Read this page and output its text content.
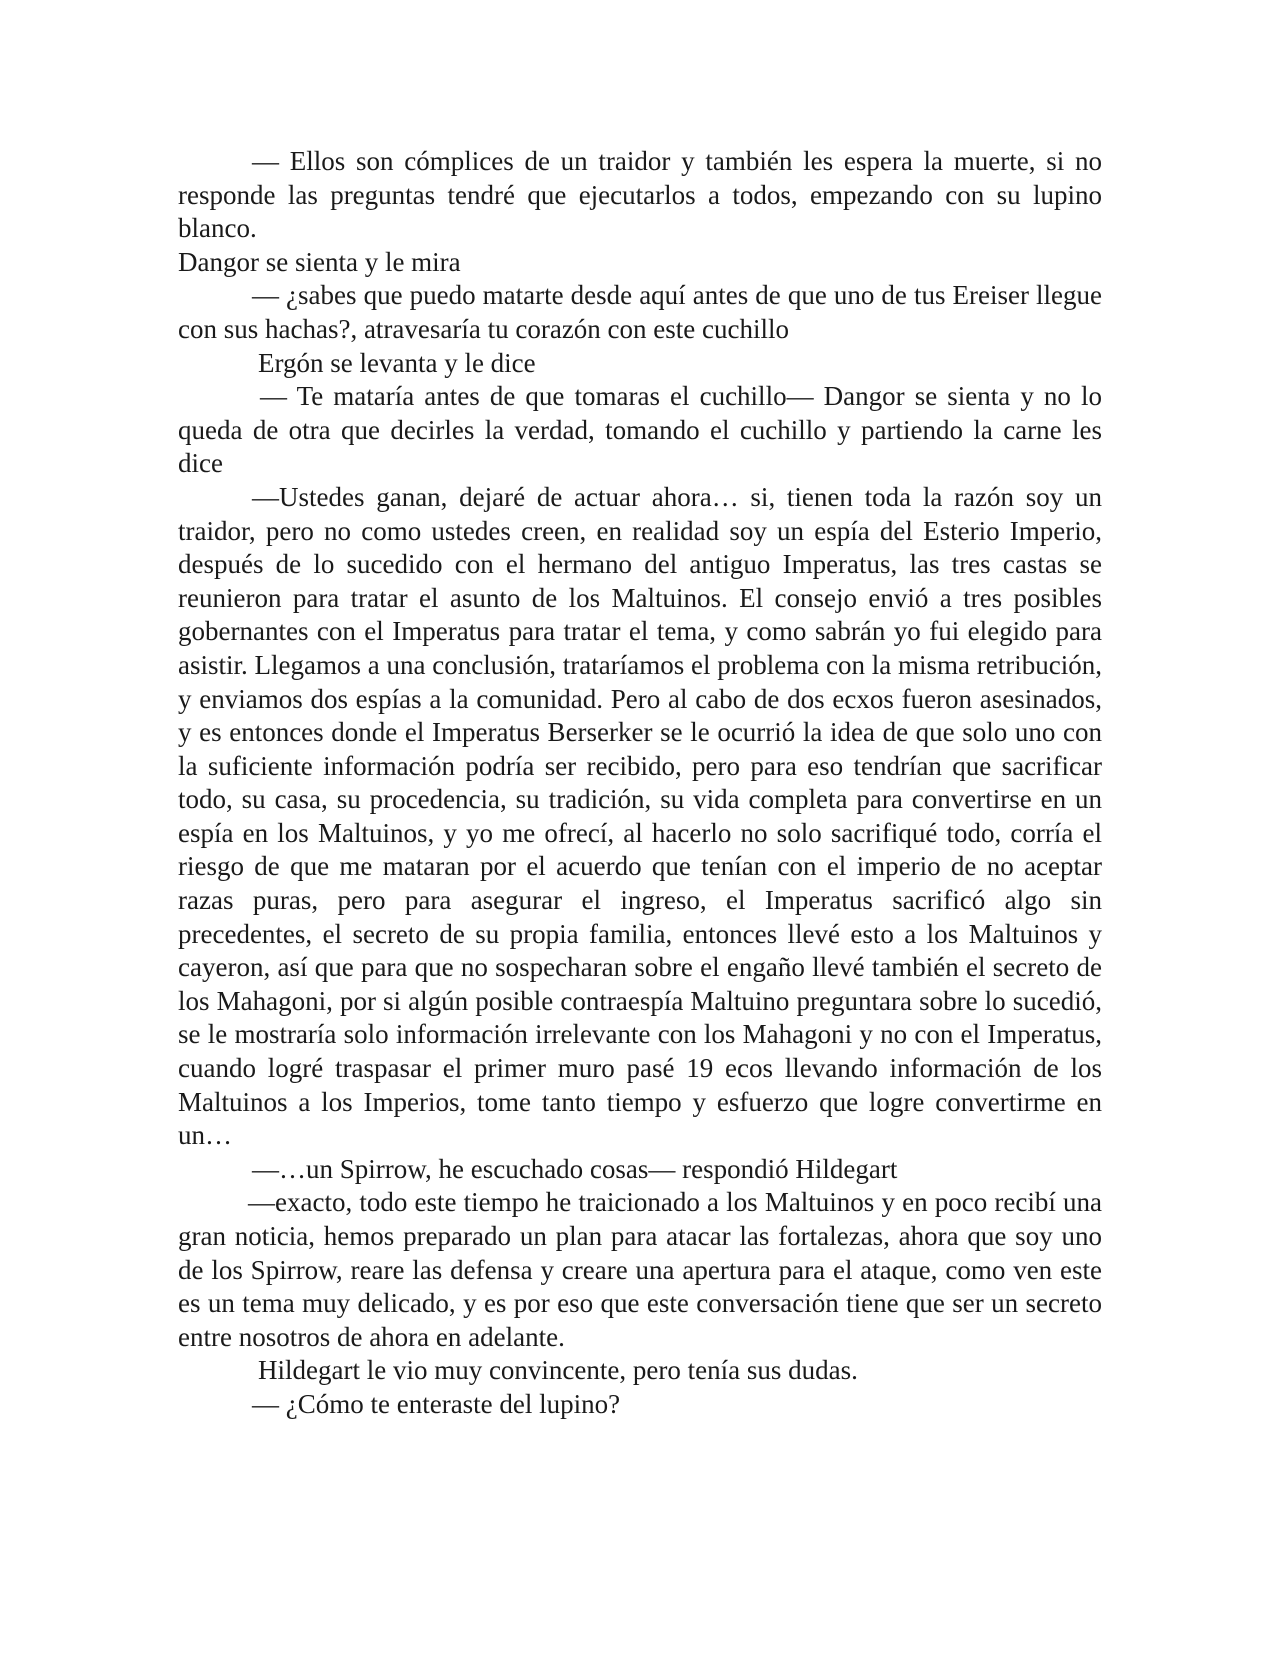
— Ellos son cómplices de un traidor y también les espera la muerte, si no responde las preguntas tendré que ejecutarlos a todos, empezando con su lupino blanco.

Dangor se sienta y le mira

— ¿sabes que puedo matarte desde aquí antes de que uno de tus Ereiser llegue con sus hachas?, atravesaría tu corazón con este cuchillo

Ergón se levanta y le dice

— Te mataría antes de que tomaras el cuchillo— Dangor se sienta y no lo queda de otra que decirles la verdad, tomando el cuchillo y partiendo la carne les dice

—Ustedes ganan, dejaré de actuar ahora… si, tienen toda la razón soy un traidor, pero no como ustedes creen, en realidad soy un espía del Esterio Imperio, después de lo sucedido con el hermano del antiguo Imperatus, las tres castas se reunieron para tratar el asunto de los Maltuinos. El consejo envió a tres posibles gobernantes con el Imperatus para tratar el tema, y como sabrán yo fui elegido para asistir. Llegamos a una conclusión, trataríamos el problema con la misma retribución, y enviamos dos espías a la comunidad. Pero al cabo de dos ecxos fueron asesinados, y es entonces donde el Imperatus Berserker se le ocurrió la idea de que solo uno con la suficiente información podría ser recibido, pero para eso tendrían que sacrificar todo, su casa, su procedencia, su tradición, su vida completa para convertirse en un espía en los Maltuinos, y yo me ofrecí, al hacerlo no solo sacrifiqué todo, corría el riesgo de que me mataran por el acuerdo que tenían con el imperio de no aceptar razas puras, pero para asegurar el ingreso, el Imperatus sacrificó algo sin precedentes, el secreto de su propia familia, entonces llevé esto a los Maltuinos y cayeron, así que para que no sospecharan sobre el engaño llevé también el secreto de los Mahagoni, por si algún posible contraespía Maltuino preguntara sobre lo sucedió, se le mostraría solo información irrelevante con los Mahagoni y no con el Imperatus, cuando logré traspasar el primer muro pasé 19 ecos llevando información de los Maltuinos a los Imperios, tome tanto tiempo y esfuerzo que logre convertirme en un…

—…un Spirrow, he escuchado cosas— respondió Hildegart

—exacto, todo este tiempo he traicionado a los Maltuinos y en poco recibí una gran noticia, hemos preparado un plan para atacar las fortalezas, ahora que soy uno de los Spirrow, reare las defensa y creare una apertura para el ataque, como ven este es un tema muy delicado, y es por eso que este conversación tiene que ser un secreto entre nosotros de ahora en adelante.

Hildegart le vio muy convincente, pero tenía sus dudas.

— ¿Cómo te enteraste del lupino?
